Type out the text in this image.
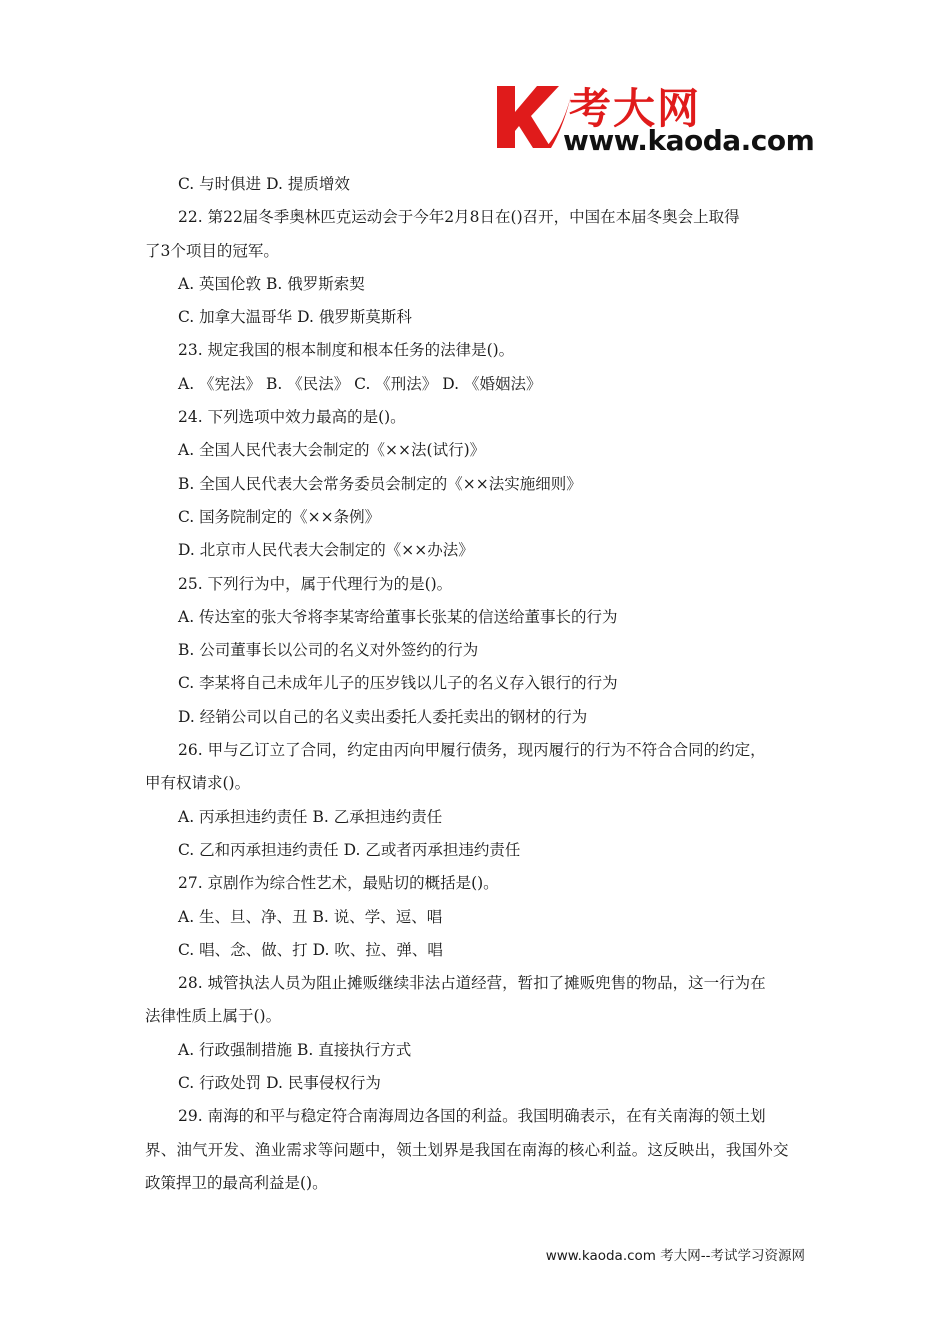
考大网
www.kaoda.com
C. 与时俱进 D. 提质增效
22. 第22届冬季奥林匹克运动会于今年2月8日在()召开，中国在本届冬奥会上取得
了3个项目的冠军。
A. 英国伦敦 B. 俄罗斯索契
C. 加拿大温哥华 D. 俄罗斯莫斯科
23. 规定我国的根本制度和根本任务的法律是()。
A. 《宪法》 B. 《民法》 C. 《刑法》 D. 《婚姻法》
24. 下列选项中效力最高的是()。
A. 全国人民代表大会制定的《××法(试行)》
B. 全国人民代表大会常务委员会制定的《××法实施细则》
C. 国务院制定的《××条例》
D. 北京市人民代表大会制定的《××办法》
25. 下列行为中，属于代理行为的是()。
A. 传达室的张大爷将李某寄给董事长张某的信送给董事长的行为
B. 公司董事长以公司的名义对外签约的行为
C. 李某将自己未成年儿子的压岁钱以儿子的名义存入银行的行为
D. 经销公司以自己的名义卖出委托人委托卖出的钢材的行为
26. 甲与乙订立了合同，约定由丙向甲履行债务，现丙履行的行为不符合合同的约定，
甲有权请求()。
A. 丙承担违约责任 B. 乙承担违约责任
C. 乙和丙承担违约责任 D. 乙或者丙承担违约责任
27. 京剧作为综合性艺术，最贴切的概括是()。
A. 生、旦、净、丑 B. 说、学、逗、唱
C. 唱、念、做、打 D. 吹、拉、弹、唱
28. 城管执法人员为阻止摊贩继续非法占道经营，暂扣了摊贩兜售的物品，这一行为在
法律性质上属于()。
A. 行政强制措施 B. 直接执行方式
C. 行政处罚 D. 民事侵权行为
29. 南海的和平与稳定符合南海周边各国的利益。我国明确表示，在有关南海的领土划
界、油气开发、渔业需求等问题中，领土划界是我国在南海的核心利益。这反映出，我国外交
政策捍卫的最高利益是()。
www.kaoda.com 考大网--考试学习资源网
